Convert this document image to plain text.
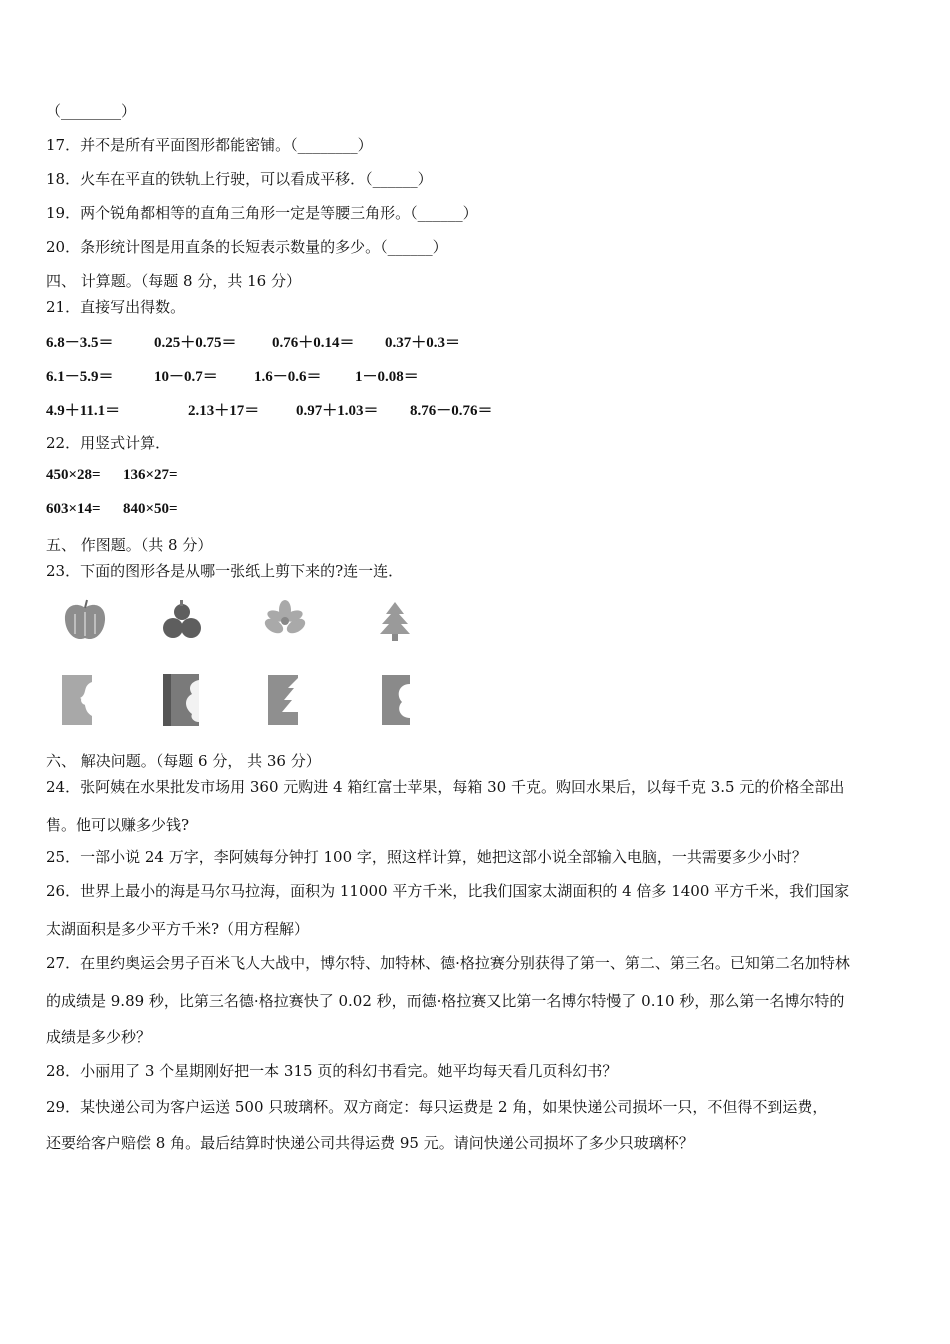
（________）
17．并不是所有平面图形都能密铺。（________）
18．火车在平直的铁轨上行驶，可以看成平移．（______）
19．两个锐角都相等的直角三角形一定是等腰三角形。（______）
20．条形统计图是用直条的长短表示数量的多少。（______）
四、 计算题。（每题 8 分，共 16 分）
21．直接写出得数。
6.8－3.5＝	0.25＋0.75＝ 0.76＋0.14＝ 0.37＋0.3＝
6.1－5.9＝	10－0.7＝ 1.6－0.6＝ 1－0.08＝
4.9＋11.1＝	2.13＋17＝ 0.97＋1.03＝ 8.76－0.76＝
22．用竖式计算．
450×28= 136×27=
603×14= 840×50=
五、 作图题。（共 8 分）
23．下面的图形各是从哪一张纸上剪下来的?连一连．
六、 解决问题。（每题 6 分， 共 36 分）
24．张阿姨在水果批发市场用 360 元购进 4 箱红富士苹果，每箱 30 千克。购回水果后，以每千克 3.5 元的价格全部出
售。他可以赚多少钱?
25．一部小说 24 万字，李阿姨每分钟打 100 字，照这样计算，她把这部小说全部输入电脑，一共需要多少小时？
26．世界上最小的海是马尔马拉海，面积为 11000 平方千米，比我们国家太湖面积的 4 倍多 1400 平方千米，我们国家
太湖面积是多少平方千米?（用方程解）
27．在里约奥运会男子百米飞人大战中，博尔特、加特林、德·格拉赛分别获得了第一、第二、第三名。已知第二名加特林
的成绩是 9.89 秒，比第三名德·格拉赛快了 0.02 秒，而德·格拉赛又比第一名博尔特慢了 0.10 秒，那么第一名博尔特的
成绩是多少秒？
28．小丽用了 3 个星期刚好把一本 315 页的科幻书看完。她平均每天看几页科幻书？
29．某快递公司为客户运送 500 只玻璃杯。双方商定：每只运费是 2 角，如果快递公司损坏一只，不但得不到运费，
还要给客户赔偿 8 角。最后结算时快递公司共得运费 95 元。请问快递公司损坏了多少只玻璃杯？
